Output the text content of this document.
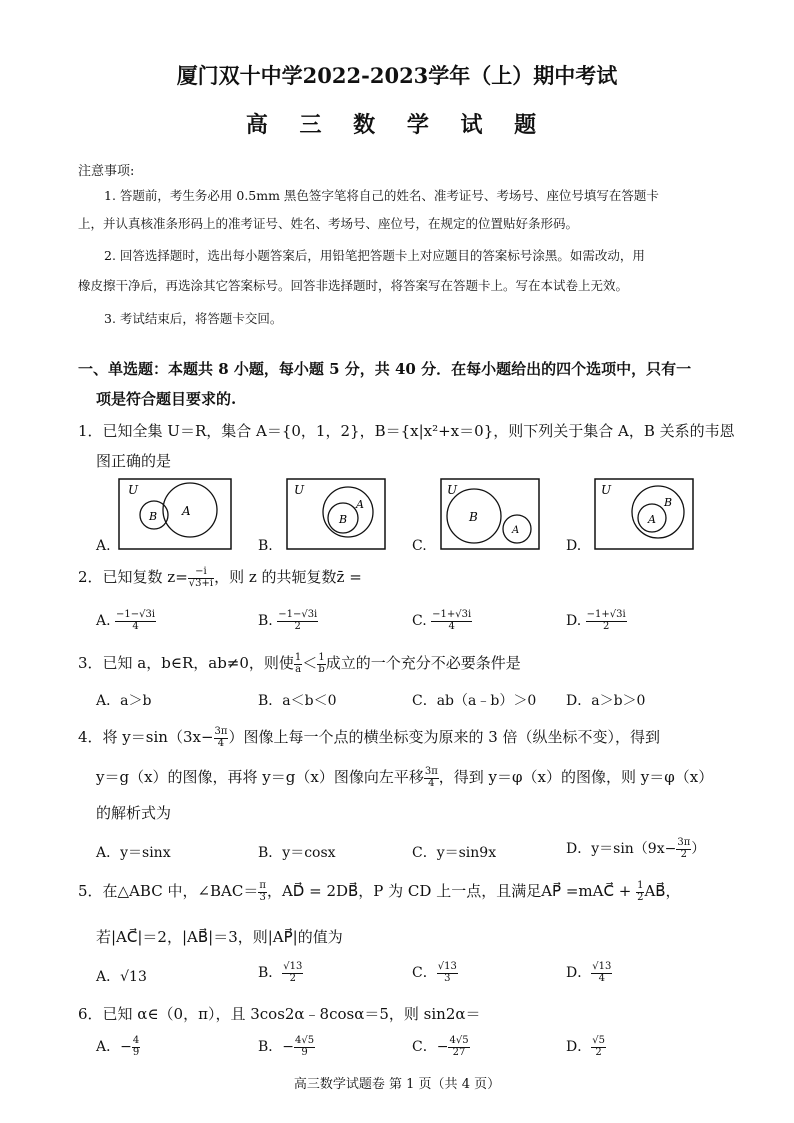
厦门双十中学2022-2023学年（上）期中考试
高 三 数 学 试 题
注意事项:
1. 答题前，考生务必用 0.5mm 黑色签字笔将自己的姓名、准考证号、考场号、座位号填写在答题卡
上，并认真核准条形码上的准考证号、姓名、考场号、座位号，在规定的位置贴好条形码。
2. 回答选择题时，选出每小题答案后，用铅笔把答题卡上对应题目的答案标号涂黑。如需改动，用
橡皮擦干净后，再选涂其它答案标号。回答非选择题时，将答案写在答题卡上。写在本试卷上无效。
3. 考试结束后，将答题卡交回。
一、单选题：本题共 8 小题，每小题 5 分，共 40 分．在每小题给出的四个选项中，只有一
项是符合题目要求的.
1．已知全集 U＝R，集合 A＝{0，1，2}，B＝{x|x²+x＝0}，则下列关于集合 A，B 关系的韦恩
图正确的是
A.
U
B A
B.
U
A
B
C.
U
B
A
D.
U
B
A
2．已知复数 $z= \frac{-i}{√3+i}$ ，则 z 的共轭复数z̄ =
A. $\frac{-1-√3i}{4}$	B. $\frac{-1-√3i}{2}$	C. $\frac{-1+√3i}{4}$	D. $\frac{-1+√3i}{2}$
3．已知 a，b∈R，ab≠0，则使 $\frac{1}{a} < \frac{1}{b}$ 成立的一个充分不必要条件是
A．a＞b	B．a＜b＜0	C．ab（a﹣b）＞0 D．a＞b＞0
4．将 $y=\sin(3x- \frac{3\pi}{4}$ ）图像上每一个点的横坐标变为原来的 3 倍（纵坐标不变），得到
y＝g（x）的图像，再将 y＝g（x）图像向左平移 $\frac{3\pi}{4}$ ，得到 y＝φ（x）的图像，则 y＝φ（x）
的解析式为
A．y＝sinx	B．y＝cosx	C．y＝sin9x	D．$y=\sin(9x- \frac{3\pi}{2}$ ）
5．在△ABC 中，∠BAC＝ $\frac{\pi}{3}$ ，AD⃗ = 2DB⃗，P 为 CD 上一点，且满足AP⃗ =mAC⃗ + $\frac{1}{2}$ AB⃗，
若|AC⃗|＝2，|AB⃗|＝3，则|AP⃗|的值为
A．√13	B． $\frac{√13}{2}$	C． $\frac{√13}{3}$	D． $\frac{√13}{4}$
6．已知 α∈（0，π），且 3cos2α﹣8cosα＝5，则 sin2α＝
A．− $\frac{4}{9}$	B．− $\frac{4√5}{9}$	C．− $\frac{4√5}{27}$	D． $\frac{√5}{2}$
高三数学试题卷 第 1 页（共 4 页）
